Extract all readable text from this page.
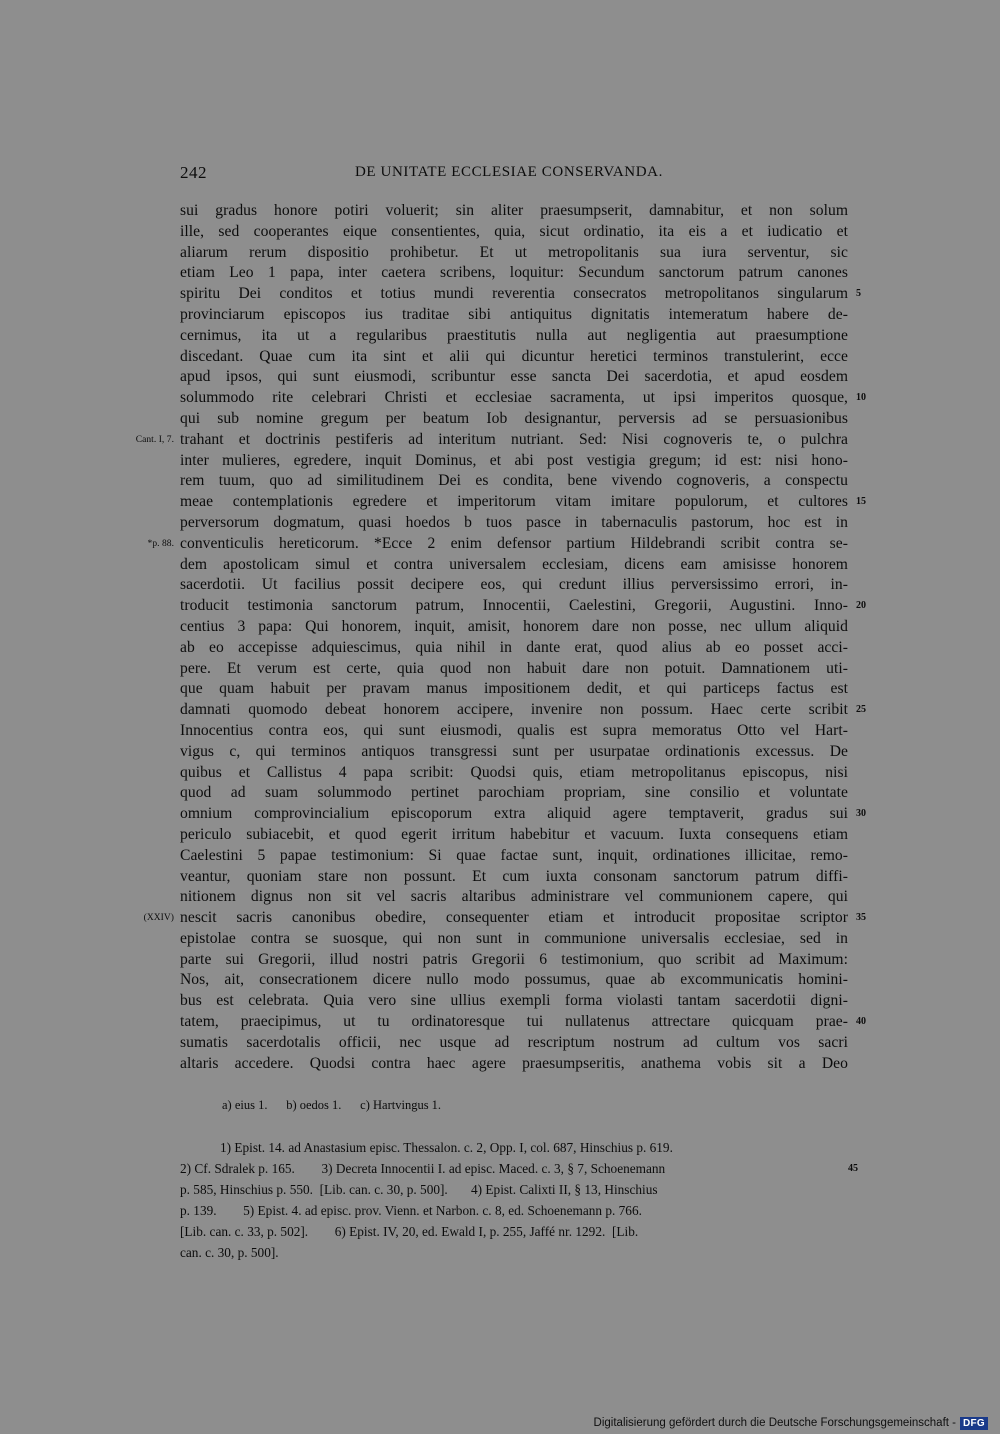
242	DE UNITATE ECCLESIAE CONSERVANDA.
sui gradus honore potiri voluerit; sin aliter praesumpserit, damnabitur, et non solum
ille, sed cooperantes eique consentientes, quia, sicut ordinatio, ita eis a et iudicatio et
aliarum rerum dispositio prohibetur. Et ut metropolitanis sua iura serventur, sic
etiam Leo 1 papa, inter caetera scribens, loquitur: Secundum sanctorum patrum canones
spiritu Dei conditos et totius mundi reverentia consecratos metropolitanos singularum 5
provinciarum episcopos ius traditae sibi antiquitus dignitatis intemeratum habere de-
cernimus, ita ut a regularibus praestitutis nulla aut negligentia aut praesumptione
discedant. Quae cum ita sint et alii qui dicuntur heretici terminos transtulerint, ecce
apud ipsos, qui sunt eiusmodi, scribuntur esse sancta Dei sacerdotia, et apud eosdem
solummodo rite celebrari Christi et ecclesiae sacramenta, ut ipsi imperitos quosque, 10
qui sub nomine gregum per beatum Iob designantur, perversis ad se persuasionibus
trahant et doctrinis pestiferis ad interitum nutriant. Sed: Nisi cognoveris te, o pulchra
Cant. I, 7.
inter mulieres, egredere, inquit Dominus, et abi post vestigia gregum; id est: nisi hono-
rem tuum, quo ad similitudinem Dei es condita, bene vivendo cognoveris, a conspectu
meae contemplationis egredere et imperitorum vitam imitare populorum, et cultores 15
perversorum dogmatum, quasi hoedos b tuos pasce in tabernaculis pastorum, hoc est in
conventiculis hereticorum. *Ecce 2 enim defensor partium Hildebrandi scribit contra se-
*p. 88.
dem apostolicam simul et contra universalem ecclesiam, dicens eam amisisse honorem
sacerdotii. Ut facilius possit decipere eos, qui credunt illius perversissimo errori, in-
troducit testimonia sanctorum patrum, Innocentii, Caelestini, Gregorii, Augustini. Inno- 20
centius 3 papa: Qui honorem, inquit, amisit, honorem dare non posse, nec ullum aliquid
ab eo accepisse adquiescimus, quia nihil in dante erat, quod alius ab eo posset acci-
pere. Et verum est certe, quia quod non habuit dare non potuit. Damnationem uti-
que quam habuit per pravam manus impositionem dedit, et qui particeps factus est
damnati quomodo debeat honorem accipere, invenire non possum. Haec certe scribit 25
Innocentius contra eos, qui sunt eiusmodi, qualis est supra memoratus Otto vel Hart-
vigus c, qui terminos antiquos transgressi sunt per usurpatae ordinationis excessus. De
quibus et Callistus 4 papa scribit: Quodsi quis, etiam metropolitanus episcopus, nisi
quod ad suam solummodo pertinet parochiam propriam, sine consilio et voluntate
omnium comprovincialium episcoporum extra aliquid agere temptaverit, gradus sui 30
periculo subiacebit, et quod egerit irritum habebitur et vacuum. Iuxta consequens etiam
Caelestini 5 papae testimonium: Si quae factae sunt, inquit, ordinationes illicitae, remo-
veantur, quoniam stare non possunt. Et cum iuxta consonam sanctorum patrum diffi-
nitionem dignus non sit vel sacris altaribus administrare vel communionem capere, qui
nescit sacris canonibus obedire, consequenter etiam et introducit propositae scriptor
(XXIV)	35
epistolae contra se suosque, qui non sunt in communione universalis ecclesiae, sed in
parte sui Gregorii, illud nostri patris Gregorii 6 testimonium, quo scribit ad Maximum:
Nos, ait, consecrationem dicere nullo modo possumus, quae ab excommunicatis homini-
bus est celebrata. Quia vero sine ullius exempli forma violasti tantam sacerdotii digni-
tatem, praecipimus, ut tu ordinatoresque tui nullatenus attrectare quicquam prae- 40
sumatis sacerdotalis officii, nec usque ad rescriptum nostrum ad cultum vos sacri
altaris accedere. Quodsi contra haec agere praesumpseritis, anathema vobis sit a Deo
a) eius 1.      b) oedos 1.      c) Hartvingus 1.
1) Epist. 14. ad Anastasium episc. Thessalon. c. 2, Opp. I, col. 687, Hinschius p. 619.
2) Cf. Sdralek p. 165.        3) Decreta Innocentii I. ad episc. Maced. c. 3, § 7, Schoenemann	45
p. 585, Hinschius p. 550.  [Lib. can. c. 30, p. 500].       4) Epist. Calixti II, § 13, Hinschius
p. 139.        5) Epist. 4. ad episc. prov. Vienn. et Narbon. c. 8, ed. Schoenemann p. 766.
[Lib. can. c. 33, p. 502].        6) Epist. IV, 20, ed. Ewald I, p. 255, Jaffé nr. 1292.  [Lib.
can. c. 30, p. 500].
Digitalisierung gefördert durch die Deutsche Forschungsgemeinschaft - DFG
